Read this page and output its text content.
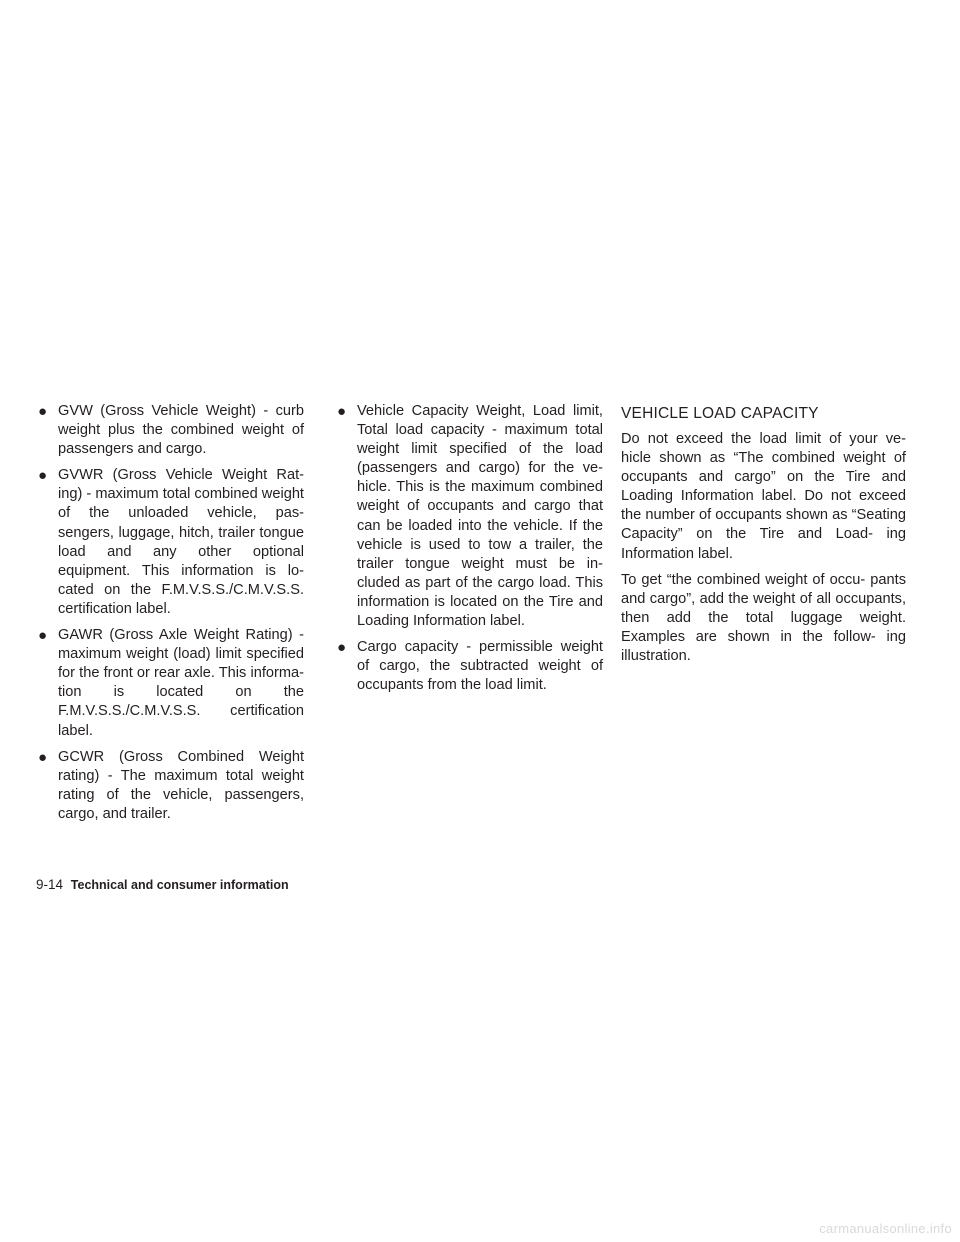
● GVW (Gross Vehicle Weight) - curb weight plus the combined weight of passengers and cargo.
● GVWR (Gross Vehicle Weight Rat- ing) - maximum total combined weight of the unloaded vehicle, pas- sengers, luggage, hitch, trailer tongue load and any other optional equipment. This information is lo- cated on the F.M.V.S.S./C.M.V.S.S. certification label.
● GAWR (Gross Axle Weight Rating) - maximum weight (load) limit specified for the front or rear axle. This informa- tion is located on the F.M.V.S.S./C.M.V.S.S. certification label.
● GCWR (Gross Combined Weight rating) - The maximum total weight rating of the vehicle, passengers, cargo, and trailer.
● Vehicle Capacity Weight, Load limit, Total load capacity - maximum total weight limit specified of the load (passengers and cargo) for the ve- hicle. This is the maximum combined weight of occupants and cargo that can be loaded into the vehicle. If the vehicle is used to tow a trailer, the trailer tongue weight must be in- cluded as part of the cargo load. This information is located on the Tire and Loading Information label.
● Cargo capacity - permissible weight of cargo, the subtracted weight of occupants from the load limit.
VEHICLE LOAD CAPACITY

Do not exceed the load limit of your ve- hicle shown as “The combined weight of occupants and cargo” on the Tire and Loading Information label. Do not exceed the number of occupants shown as “Seating Capacity” on the Tire and Load- ing Information label.

To get “the combined weight of occu- pants and cargo”, add the weight of all occupants, then add the total luggage weight. Examples are shown in the follow- ing illustration.

9-14 Technical and consumer information
carmanualsonline.info
